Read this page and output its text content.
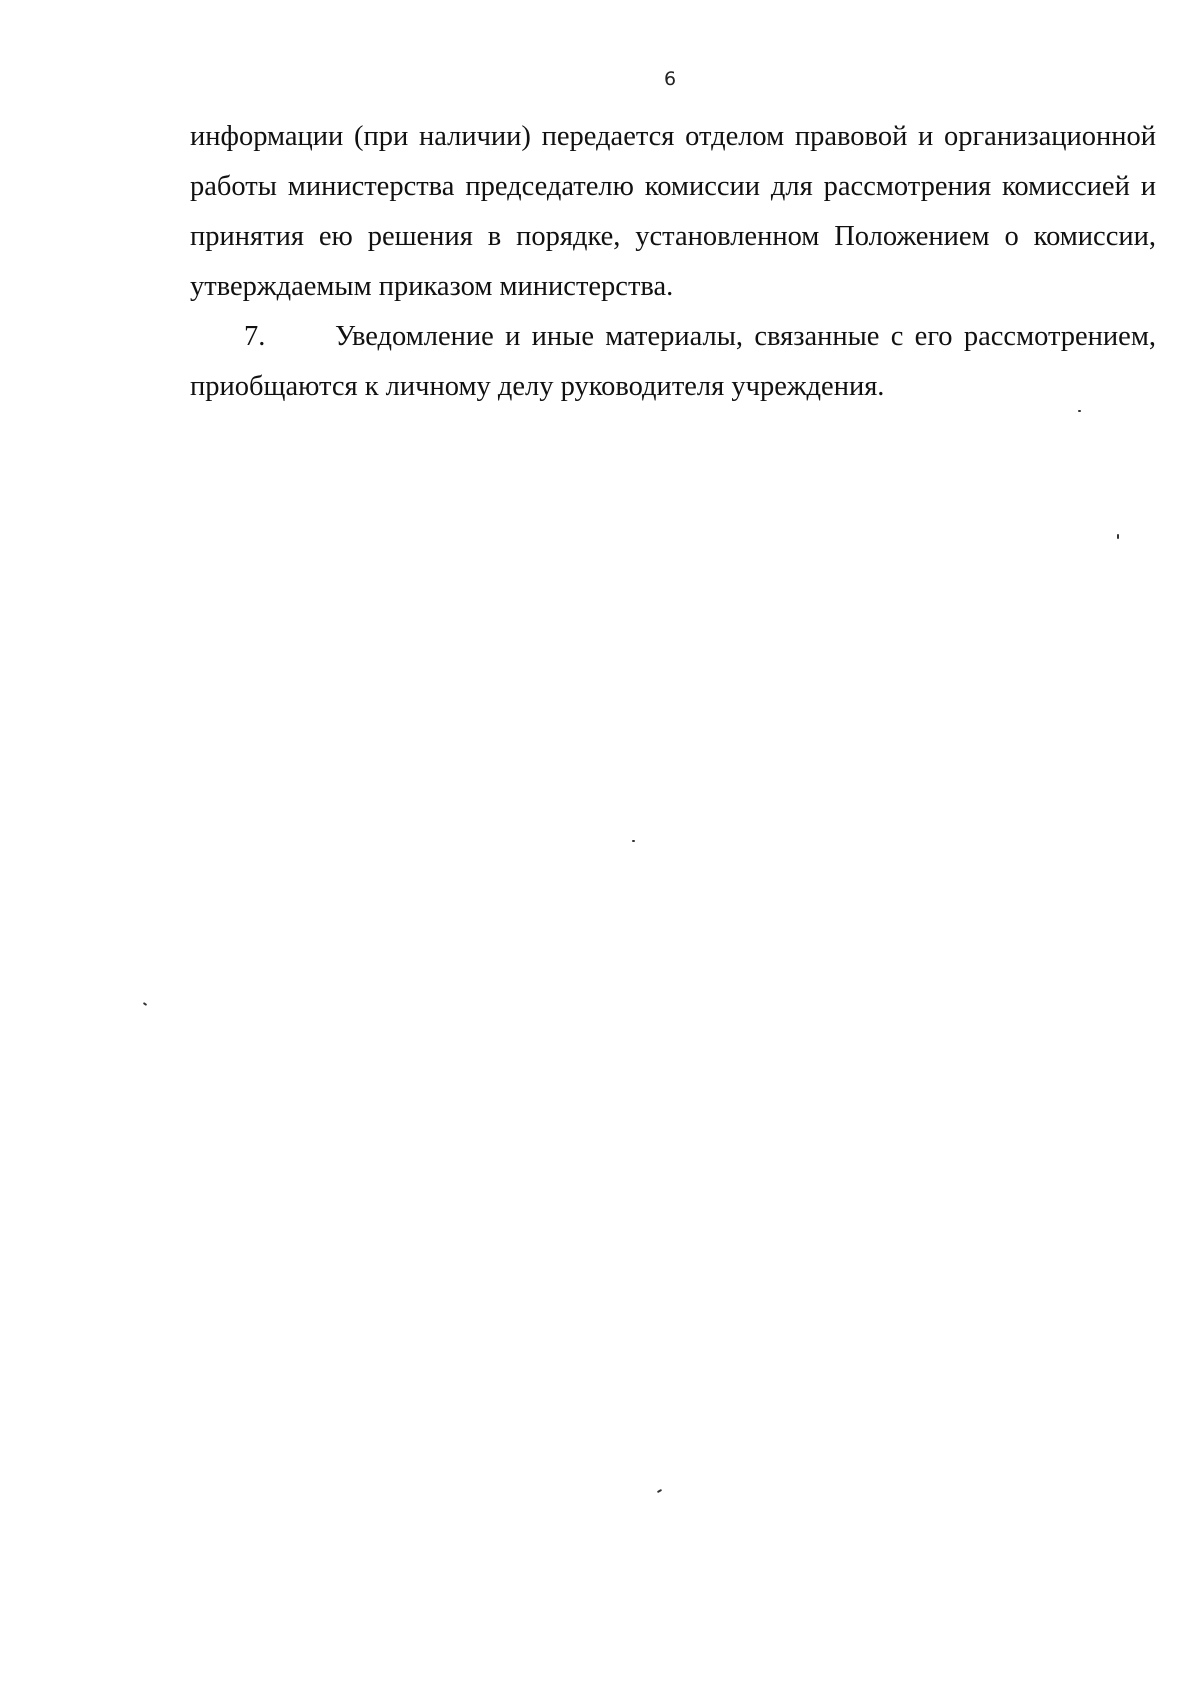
6

информации (при наличии) передается отделом правовой и организационной работы министерства председателю комиссии для рассмотрения комиссией и принятия ею решения в порядке, установленном Положением о комиссии, утверждаемым приказом министерства.

7. Уведомление и иные материалы, связанные с его рассмотрением, приобщаются к личному делу руководителя учреждения.
